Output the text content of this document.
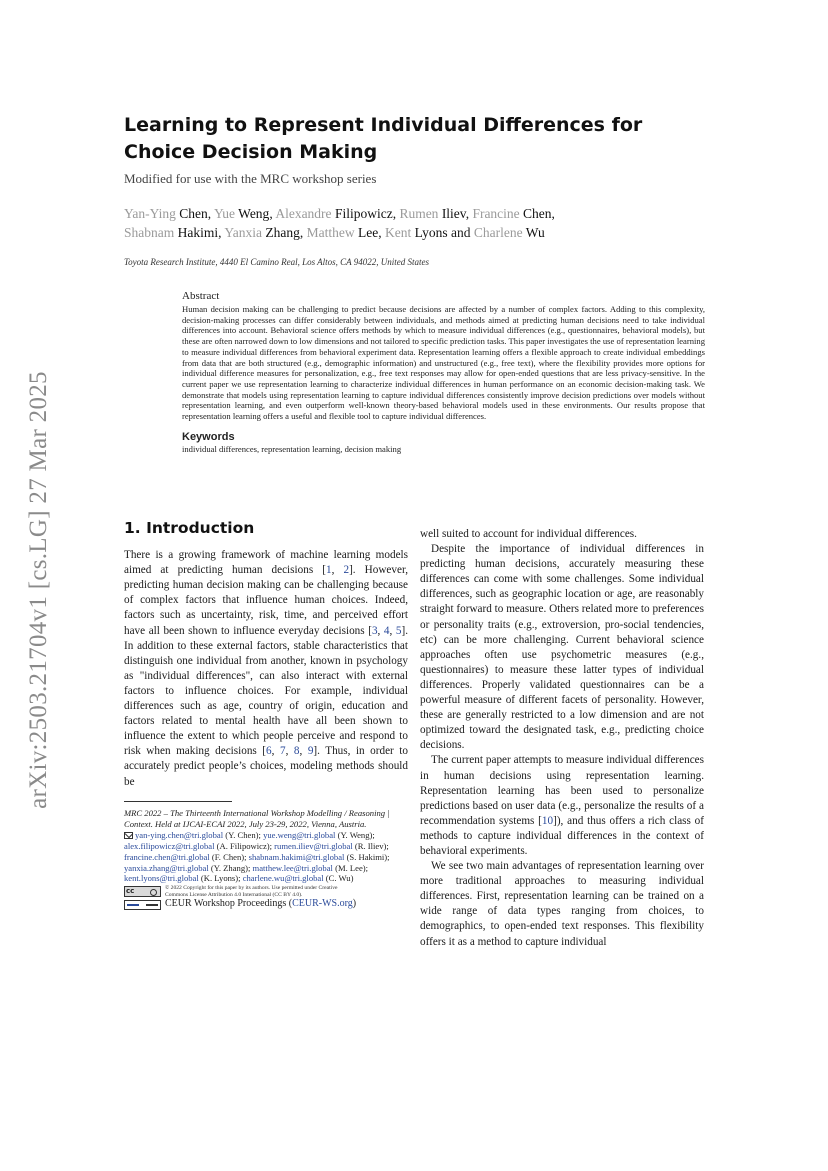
arXiv:2503.21704v1 [cs.LG] 27 Mar 2025
Learning to Represent Individual Differences for Choice Decision Making
Modified for use with the MRC workshop series
Yan-Ying Chen, Yue Weng, Alexandre Filipowicz, Rumen Iliev, Francine Chen,
Shabnam Hakimi, Yanxia Zhang, Matthew Lee, Kent Lyons and Charlene Wu
Toyota Research Institute, 4440 El Camino Real, Los Altos, CA 94022, United States

Abstract

Human decision making can be challenging to predict because decisions are affected by a number of complex factors. Adding to this complexity, decision-making processes can differ considerably between individuals, and methods aimed at predicting human decisions need to take individual differences into account. Behavioral science offers methods by which to measure individual differences (e.g., questionnaires, behavioral models), but these are often narrowed down to low dimensions and not tailored to specific prediction tasks. This paper investigates the use of representation learning to measure individual differences from behavioral experiment data. Representation learning offers a flexible approach to create individual embeddings from data that are both structured (e.g., demographic information) and unstructured (e.g., free text), where the flexibility provides more options for individual difference measures for personalization, e.g., free text responses may allow for open-ended questions that are less privacy-sensitive. In the current paper we use representation learning to characterize individual differences in human performance on an economic decision-making task. We demonstrate that models using representation learning to capture individual differences consistently improve decision predictions over models without representation learning, and even outperform well-known theory-based behavioral models used in these environments. Our results propose that representation learning offers a useful and flexible tool to capture individual differences.

Keywords

individual differences, representation learning, decision making

1. Introduction

There is a growing framework of machine learning models aimed at predicting human decisions [1, 2]. However, predicting human decision making can be challenging because of complex factors that influence human choices. Indeed, factors such as uncertainty, risk, time, and perceived effort have all been shown to influence everyday decisions [3, 4, 5]. In addition to these external factors, stable characteristics that distinguish one individual from another, known in psychology as "individual differences", can also interact with external factors to influence choices. For example, individual differences such as age, country of origin, education and factors related to mental health have all been shown to influence the extent to which people perceive and respond to risk when making decisions [6, 7, 8, 9]. Thus, in order to accurately predict people’s choices, modeling methods should be

MRC 2022 – The Thirteenth International Workshop Modelling / Reasoning | Context. Held at IJCAI-ECAI 2022, July 23-29, 2022, Vienna, Austria.

yan-ying.chen@tri.global (Y. Chen); yue.weng@tri.global (Y. Weng); alex.filipowicz@tri.global (A. Filipowicz); rumen.iliev@tri.global (R. Iliev); francine.chen@tri.global (F. Chen); shabnam.hakimi@tri.global (S. Hakimi); yanxia.zhang@tri.global (Y. Zhang); matthew.lee@tri.global (M. Lee); kent.lyons@tri.global (K. Lyons); charlene.wu@tri.global (C. Wu)

cc
© 2022 Copyright for this paper by its authors. Use permitted under Creative
Commons License Attribution 4.0 International (CC BY 4.0).
CEUR Workshop Proceedings (CEUR-WS.org)

well suited to account for individual differences.

Despite the importance of individual differences in predicting human decisions, accurately measuring these differences can come with some challenges. Some individual differences, such as geographic location or age, are reasonably straight forward to measure. Others related more to preferences or personality traits (e.g., extroversion, pro-social tendencies, etc) can be more challenging. Current behavioral science approaches often use psychometric measures (e.g., questionnaires) to measure these latter types of individual differences. Properly validated questionnaires can be a powerful measure of different facets of personality. However, these are generally restricted to a low dimension and are not optimized toward the designated task, e.g., predicting choice decisions.

The current paper attempts to measure individual differences in human decisions using representation learning. Representation learning has been used to personalize predictions based on user data (e.g., personalize the results of a recommendation systems [10]), and thus offers a rich class of methods to capture individual differences in the context of behavioral experiments.

We see two main advantages of representation learning over more traditional approaches to measuring individual differences. First, representation learning can be trained on a wide range of data types ranging from choices, to demographics, to open-ended text responses. This flexibility offers it as a method to capture individual
